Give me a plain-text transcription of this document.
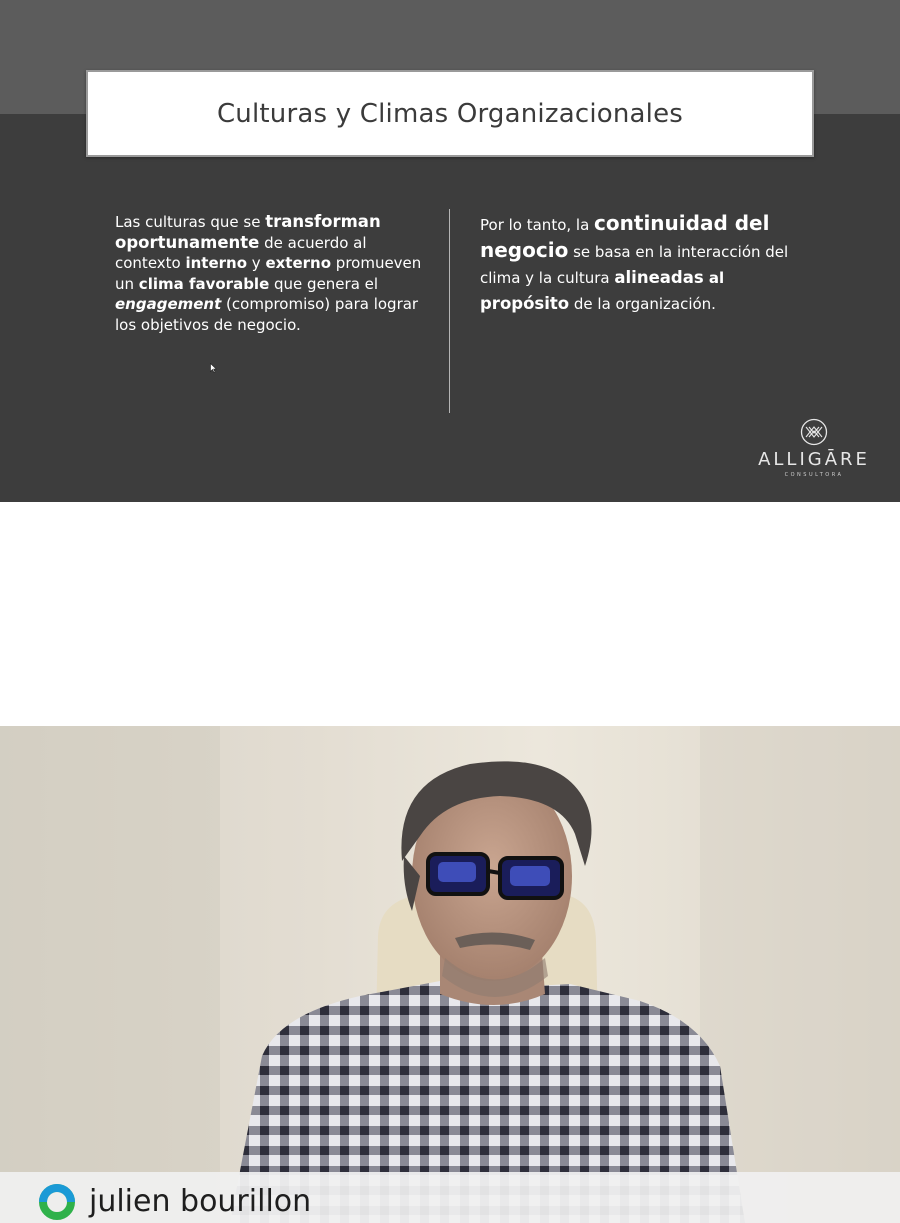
Culturas y Climas Organizacionales
Las culturas que se transforman oportunamente de acuerdo al contexto interno y externo promueven un clima favorable que genera el engagement (compromiso) para lograr los objetivos de negocio.
Por lo tanto, la continuidad del negocio se basa en la interacción del clima y la cultura alineadas al propósito de la organización.
ALLIGĀRE
CONSULTORA
julien bourillon
